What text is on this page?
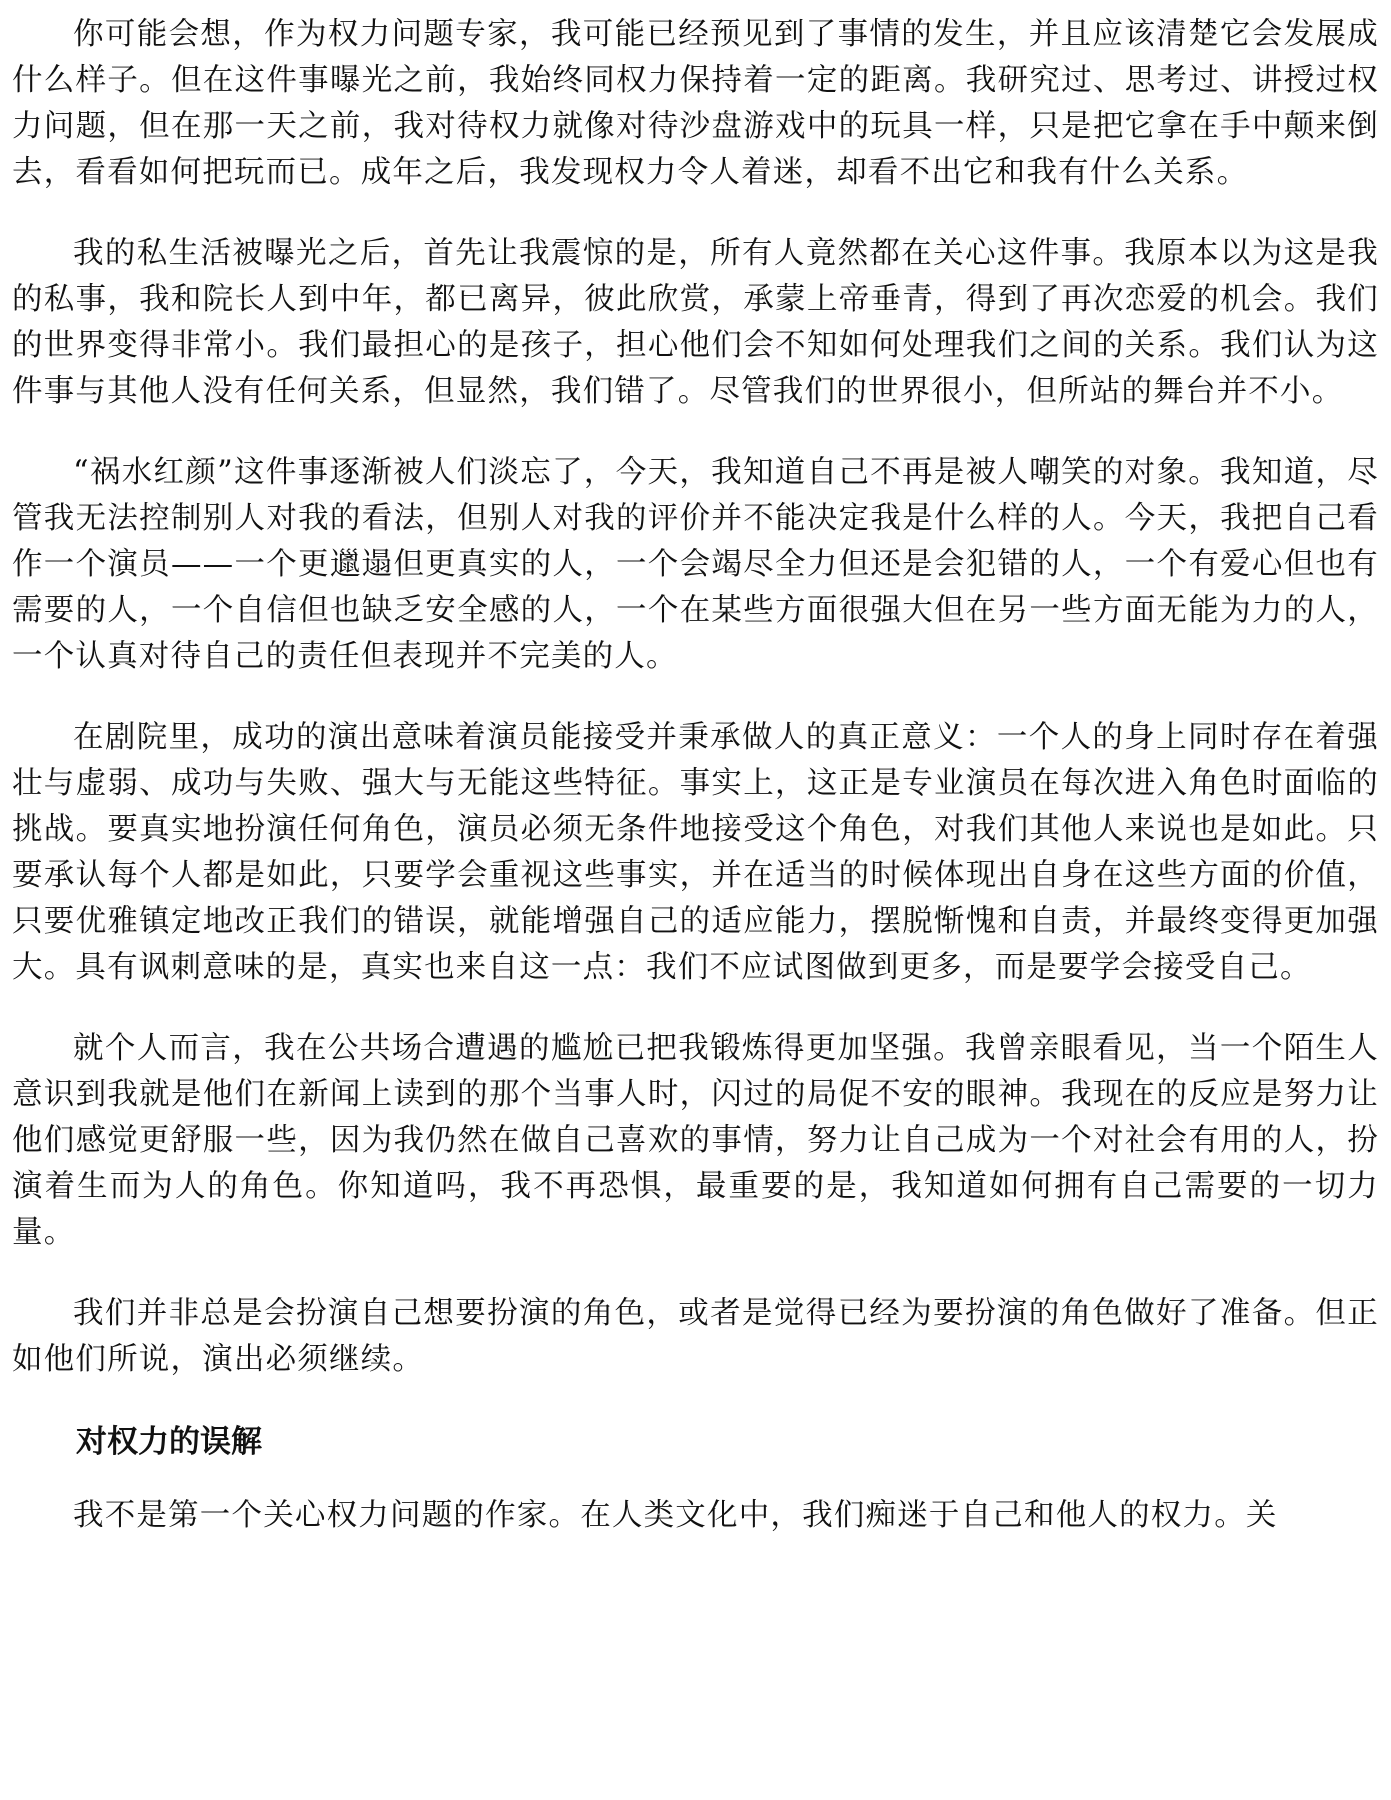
你可能会想，作为权力问题专家，我可能已经预见到了事情的发生，并且应该清楚它会发展成什么样子。但在这件事曝光之前，我始终同权力保持着一定的距离。我研究过、思考过、讲授过权力问题，但在那一天之前，我对待权力就像对待沙盘游戏中的玩具一样，只是把它拿在手中颠来倒去，看看如何把玩而已。成年之后，我发现权力令人着迷，却看不出它和我有什么关系。

我的私生活被曝光之后，首先让我震惊的是，所有人竟然都在关心这件事。我原本以为这是我的私事，我和院长人到中年，都已离异，彼此欣赏，承蒙上帝垂青，得到了再次恋爱的机会。我们的世界变得非常小。我们最担心的是孩子，担心他们会不知如何处理我们之间的关系。我们认为这件事与其他人没有任何关系，但显然，我们错了。尽管我们的世界很小，但所站的舞台并不小。

“祸水红颜”这件事逐渐被人们淡忘了，今天，我知道自己不再是被人嘲笑的对象。我知道，尽管我无法控制别人对我的看法，但别人对我的评价并不能决定我是什么样的人。今天，我把自己看作一个演员——一个更邋遢但更真实的人，一个会竭尽全力但还是会犯错的人，一个有爱心但也有需要的人，一个自信但也缺乏安全感的人，一个在某些方面很强大但在另一些方面无能为力的人，一个认真对待自己的责任但表现并不完美的人。

在剧院里，成功的演出意味着演员能接受并秉承做人的真正意义：一个人的身上同时存在着强壮与虚弱、成功与失败、强大与无能这些特征。事实上，这正是专业演员在每次进入角色时面临的挑战。要真实地扮演任何角色，演员必须无条件地接受这个角色，对我们其他人来说也是如此。只要承认每个人都是如此，只要学会重视这些事实，并在适当的时候体现出自身在这些方面的价值，只要优雅镇定地改正我们的错误，就能增强自己的适应能力，摆脱惭愧和自责，并最终变得更加强大。具有讽刺意味的是，真实也来自这一点：我们不应试图做到更多，而是要学会接受自己。

就个人而言，我在公共场合遭遇的尴尬已把我锻炼得更加坚强。我曾亲眼看见，当一个陌生人意识到我就是他们在新闻上读到的那个当事人时，闪过的局促不安的眼神。我现在的反应是努力让他们感觉更舒服一些，因为我仍然在做自己喜欢的事情，努力让自己成为一个对社会有用的人，扮演着生而为人的角色。你知道吗，我不再恐惧，最重要的是，我知道如何拥有自己需要的一切力量。

我们并非总是会扮演自己想要扮演的角色，或者是觉得已经为要扮演的角色做好了准备。但正如他们所说，演出必须继续。

对权力的误解

我不是第一个关心权力问题的作家。在人类文化中，我们痴迷于自己和他人的权力。关
